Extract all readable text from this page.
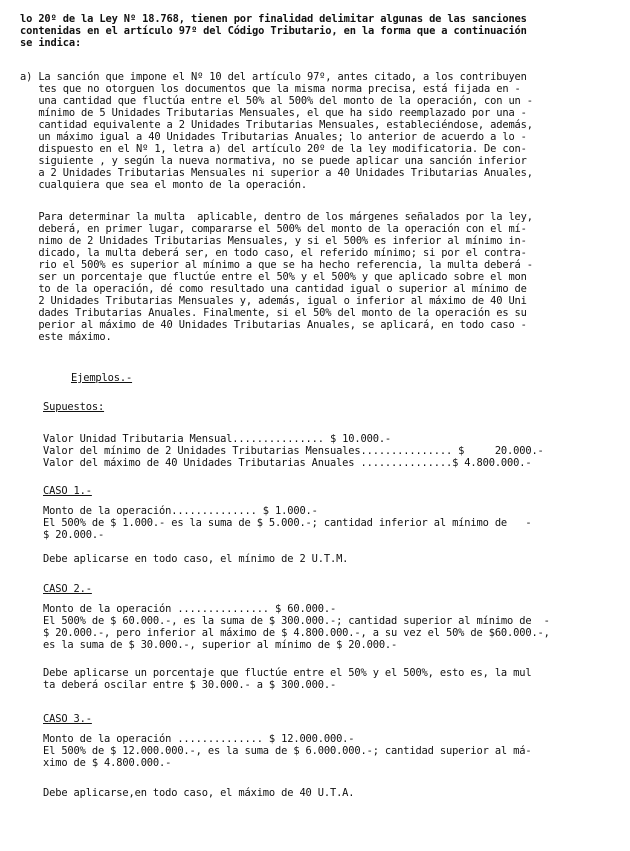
lo 20º de la Ley Nº 18.768, tienen por finalidad delimitar algunas de las sanciones
contenidas en el artículo 97º del Código Tributario, en la forma que a continuación
se indica:
a) La sanción que impone el Nº 10 del artículo 97º, antes citado, a los contribuyen
tes que no otorguen los documentos que la misma norma precisa, está fijada en -
una cantidad que fluctúa entre el 50% al 500% del monto de la operación, con un -
mínimo de 5 Unidades Tributarias Mensuales, el que ha sido reemplazado por una -
cantidad equivalente a 2 Unidades Tributarias Mensuales, estableciéndose, además,
un máximo igual a 40 Unidades Tributarias Anuales; lo anterior de acuerdo a lo -
dispuesto en el Nº 1, letra a) del artículo 20º de la ley modificatoria. De con-
siguiente , y según la nueva normativa, no se puede aplicar una sanción inferior
a 2 Unidades Tributarias Mensuales ni superior a 40 Unidades Tributarias Anuales,
cualquiera que sea el monto de la operación.
Para determinar la multa  aplicable, dentro de los márgenes señalados por la ley,
deberá, en primer lugar, compararse el 500% del monto de la operación con el mí-
nimo de 2 Unidades Tributarias Mensuales, y si el 500% es inferior al mínimo in-
dicado, la multa deberá ser, en todo caso, el referido mínimo; si por el contra-
rio el 500% es superior al mínimo a que se ha hecho referencia, la multa deberá -
ser un porcentaje que fluctúe entre el 50% y el 500% y que aplicado sobre el mon
to de la operación, dé como resultado una cantidad igual o superior al mínimo de
2 Unidades Tributarias Mensuales y, además, igual o inferior al máximo de 40 Uni
dades Tributarias Anuales. Finalmente, si el 50% del monto de la operación es su
perior al máximo de 40 Unidades Tributarias Anuales, se aplicará, en todo caso -
este máximo.
Ejemplos.-
Supuestos:
Valor Unidad Tributaria Mensual............... $ 10.000.-
Valor del mínimo de 2 Unidades Tributarias Mensuales............... $     20.000.-
Valor del máximo de 40 Unidades Tributarias Anuales ...............$ 4.800.000.-
CASO 1.-
Monto de la operación.............. $ 1.000.-
El 500% de $ 1.000.- es la suma de $ 5.000.-; cantidad inferior al mínimo de   -
$ 20.000.-
Debe aplicarse en todo caso, el mínimo de 2 U.T.M.
CASO 2.-
Monto de la operación ............... $ 60.000.-
El 500% de $ 60.000.-, es la suma de $ 300.000.-; cantidad superior al mínimo de  -
$ 20.000.-, pero inferior al máximo de $ 4.800.000.-, a su vez el 50% de $60.000.-,
es la suma de $ 30.000.-, superior al mínimo de $ 20.000.-
Debe aplicarse un porcentaje que fluctúe entre el 50% y el 500%, esto es, la mul
ta deberá oscilar entre $ 30.000.- a $ 300.000.-
CASO 3.-
Monto de la operación .............. $ 12.000.000.-
El 500% de $ 12.000.000.-, es la suma de $ 6.000.000.-; cantidad superior al má-
ximo de $ 4.800.000.-
Debe aplicarse,en todo caso, el máximo de 40 U.T.A.
